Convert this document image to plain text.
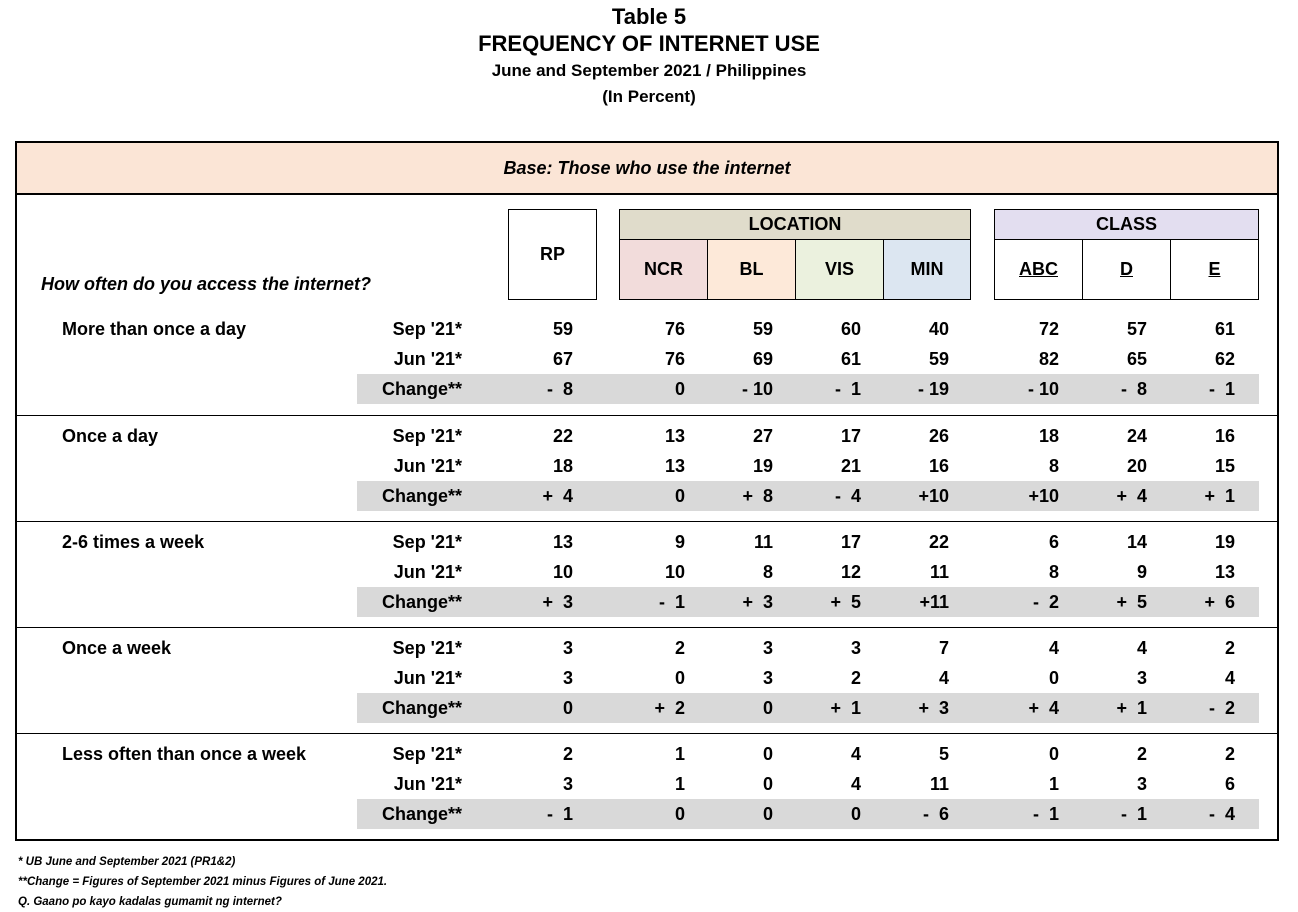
Table 5
FREQUENCY OF INTERNET USE
June and September 2021 / Philippines
(In Percent)
Base: Those who use the internet
RP
LOCATION
NCR	BL	VIS	MIN
CLASS
ABC	D	E
How often do you access the internet?
More than once a day	Sep '21*	59	76	59	60	40	72	57	61
Jun '21*	67	76	69	61	59	82	65	62
Change**	-  8	0	- 10	-  1	- 19	- 10	-  8	-  1
Once a day	Sep '21*	22	13	27	17	26	18	24	16
Jun '21*	18	13	19	21	16	8	20	15
Change**	+  4	0	+  8	-  4	+10	+10	+  4	+  1
2-6 times a week	Sep '21*	13	9	11	17	22	6	14	19
Jun '21*	10	10	8	12	11	8	9	13
Change**	+  3	-  1	+  3	+  5	+11	-  2	+  5	+  6
Once a week	Sep '21*	3	2	3	3	7	4	4	2
Jun '21*	3	0	3	2	4	0	3	4
Change**	0	+  2	0	+  1	+  3	+  4	+  1	-  2
Less often than once a week	Sep '21*	2	1	0	4	5	0	2	2
Jun '21*	3	1	0	4	11	1	3	6
Change**	-  1	0	0	0	-  6	-  1	-  1	-  4
* UB June and September 2021 (PR1&2)
**Change = Figures of September 2021 minus Figures of June 2021.
Q. Gaano po kayo kadalas gumamit ng internet?
